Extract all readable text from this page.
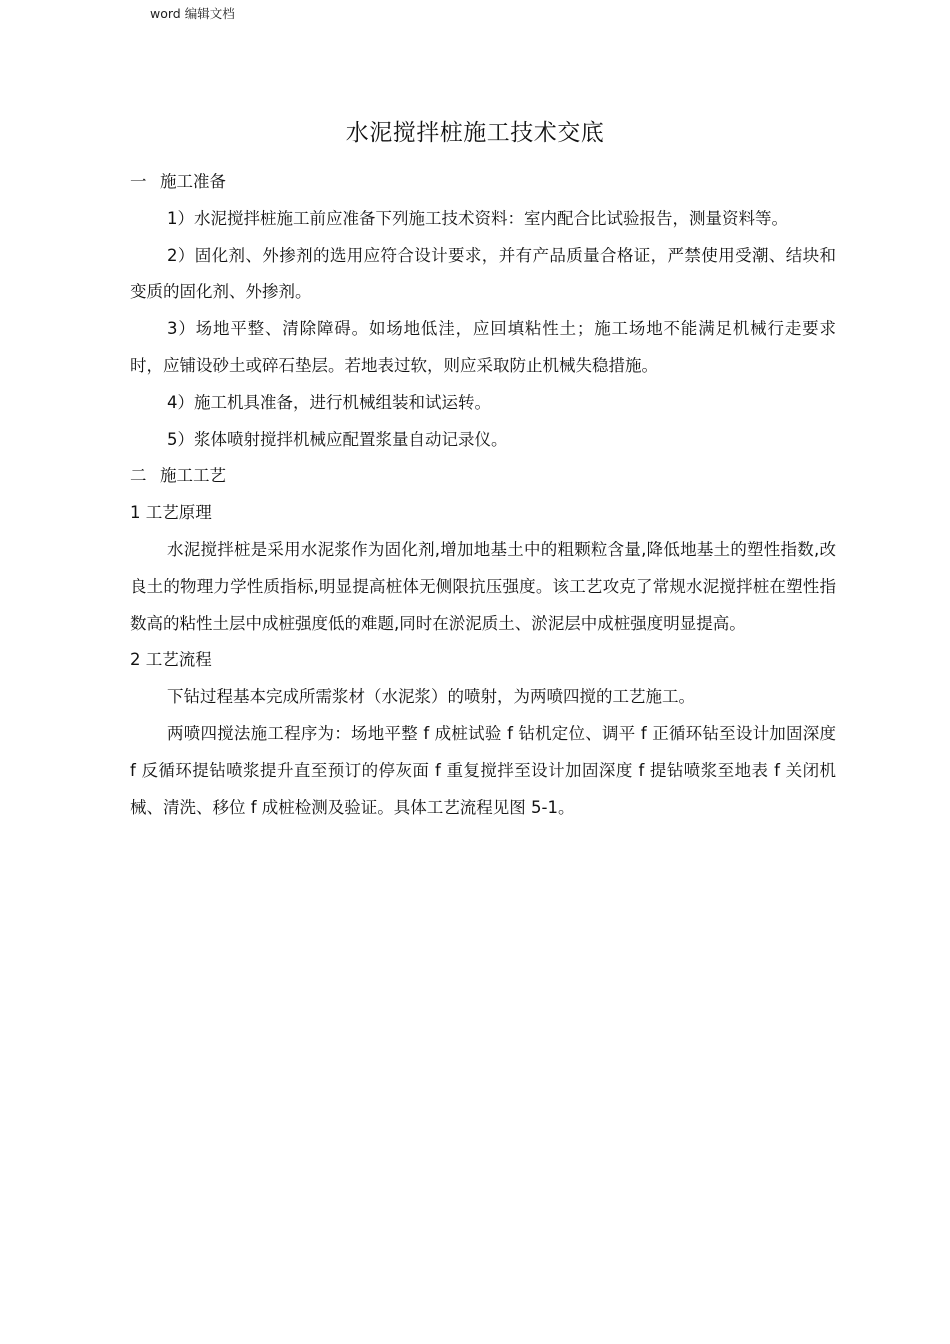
word 编辑文档
水泥搅拌桩施工技术交底

一 施工准备

1）水泥搅拌桩施工前应准备下列施工技术资料：室内配合比试验报告，测量资料等。

2）固化剂、外掺剂的选用应符合设计要求，并有产品质量合格证，严禁使用受潮、结块和变质的固化剂、外掺剂。

3）场地平整、清除障碍。如场地低洼，应回填粘性土；施工场地不能满足机械行走要求时，应铺设砂土或碎石垫层。若地表过软，则应采取防止机械失稳措施。

4）施工机具准备，进行机械组装和试运转。

5）浆体喷射搅拌机械应配置浆量自动记录仪。

二 施工工艺

1 工艺原理

水泥搅拌桩是采用水泥浆作为固化剂,增加地基土中的粗颗粒含量,降低地基土的塑性指数,改良土的物理力学性质指标,明显提高桩体无侧限抗压强度。该工艺攻克了常规水泥搅拌桩在塑性指数高的粘性土层中成桩强度低的难题,同时在淤泥质土、淤泥层中成桩强度明显提高。

2 工艺流程

下钻过程基本完成所需浆材（水泥浆）的喷射，为两喷四搅的工艺施工。

两喷四搅法施工程序为：场地平整 f 成桩试验 f 钻机定位、调平 f 正循环钻至设计加固深度 f 反循环提钻喷浆提升直至预订的停灰面 f 重复搅拌至设计加固深度 f 提钻喷浆至地表 f 关闭机械、清洗、移位 f 成桩检测及验证。具体工艺流程见图 5-1。
